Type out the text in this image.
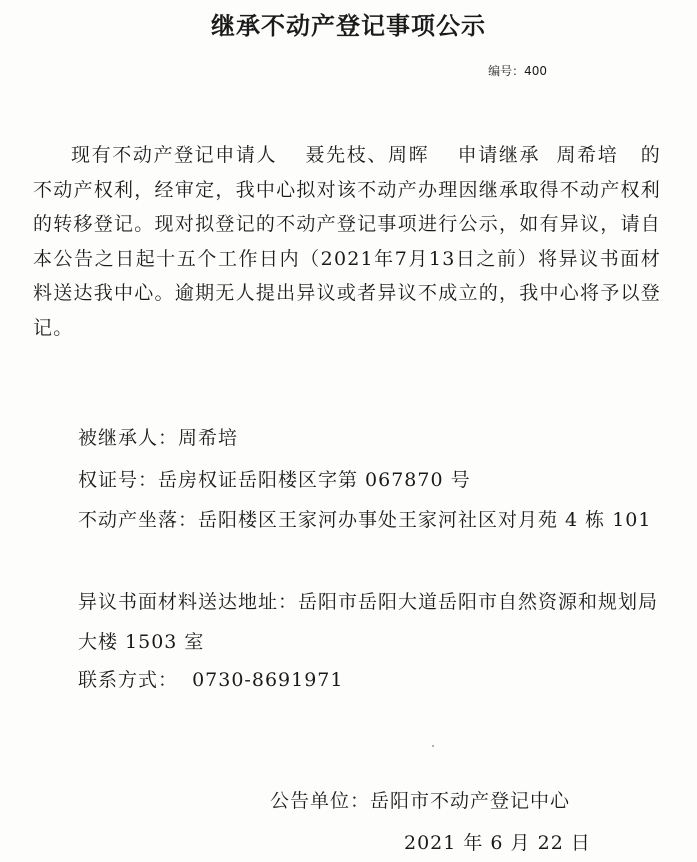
继承不动产登记事项公示
编号：400
现有不动产登记申请人 聂先枝、周晖 申请继承 周希培 的不动产权利，经审定，我中心拟对该不动产办理因继承取得不动产权利的转移登记。现对拟登记的不动产登记事项进行公示，如有异议，请自本公告之日起十五个工作日内（2021年7月13日之前）将异议书面材料送达我中心。逾期无人提出异议或者异议不成立的，我中心将予以登记。
被继承人：周希培
权证号：岳房权证岳阳楼区字第 067870 号
不动产坐落：岳阳楼区王家河办事处王家河社区对月苑 4 栋 101
异议书面材料送达地址：岳阳市岳阳大道岳阳市自然资源和规划局大楼 1503 室
联系方式：  0730-8691971
公告单位：岳阳市不动产登记中心
2021 年 6 月 22 日
